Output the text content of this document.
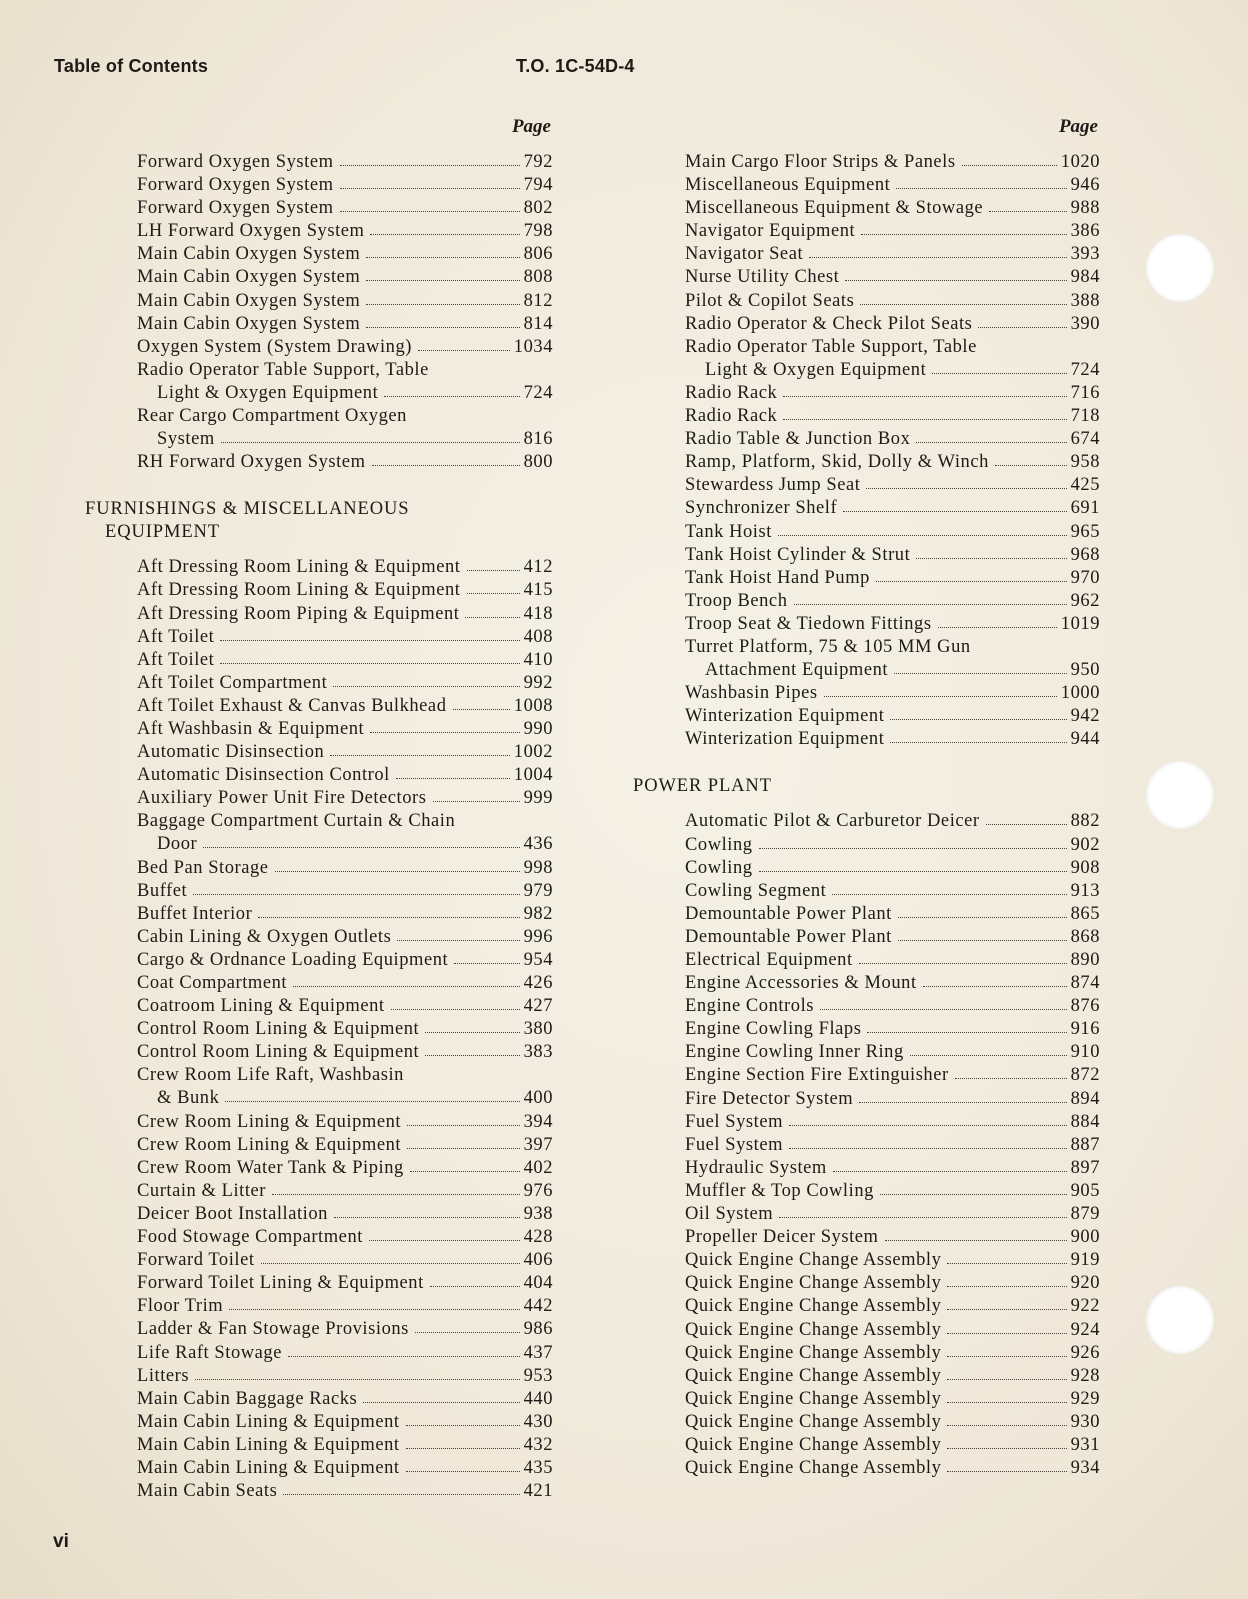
Table of Contents	T.O. 1C-54D-4
Page
Forward Oxygen System	792
Forward Oxygen System	794
Forward Oxygen System	802
LH Forward Oxygen System	798
Main Cabin Oxygen System	806
Main Cabin Oxygen System	808
Main Cabin Oxygen System	812
Main Cabin Oxygen System	814
Oxygen System (System Drawing)	1034
Radio Operator Table Support, Table
Light & Oxygen Equipment	724
Rear Cargo Compartment Oxygen
System	816
RH Forward Oxygen System	800
FURNISHINGS & MISCELLANEOUS
EQUIPMENT
Aft Dressing Room Lining & Equipment	412
Aft Dressing Room Lining & Equipment	415
Aft Dressing Room Piping & Equipment	418
Aft Toilet	408
Aft Toilet	410
Aft Toilet Compartment	992
Aft Toilet Exhaust & Canvas Bulkhead	1008
Aft Washbasin & Equipment	990
Automatic Disinsection	1002
Automatic Disinsection Control	1004
Auxiliary Power Unit Fire Detectors	999
Baggage Compartment Curtain & Chain
Door	436
Bed Pan Storage	998
Buffet	979
Buffet Interior	982
Cabin Lining & Oxygen Outlets	996
Cargo & Ordnance Loading Equipment	954
Coat Compartment	426
Coatroom Lining & Equipment	427
Control Room Lining & Equipment	380
Control Room Lining & Equipment	383
Crew Room Life Raft, Washbasin
& Bunk	400
Crew Room Lining & Equipment	394
Crew Room Lining & Equipment	397
Crew Room Water Tank & Piping	402
Curtain & Litter	976
Deicer Boot Installation	938
Food Stowage Compartment	428
Forward Toilet	406
Forward Toilet Lining & Equipment	404
Floor Trim	442
Ladder & Fan Stowage Provisions	986
Life Raft Stowage	437
Litters	953
Main Cabin Baggage Racks	440
Main Cabin Lining & Equipment	430
Main Cabin Lining & Equipment	432
Main Cabin Lining & Equipment	435
Main Cabin Seats	421
Page
Main Cargo Floor Strips & Panels	1020
Miscellaneous Equipment	946
Miscellaneous Equipment & Stowage	988
Navigator Equipment	386
Navigator Seat	393
Nurse Utility Chest	984
Pilot & Copilot Seats	388
Radio Operator & Check Pilot Seats	390
Radio Operator Table Support, Table
Light & Oxygen Equipment	724
Radio Rack	716
Radio Rack	718
Radio Table & Junction Box	674
Ramp, Platform, Skid, Dolly & Winch	958
Stewardess Jump Seat	425
Synchronizer Shelf	691
Tank Hoist	965
Tank Hoist Cylinder & Strut	968
Tank Hoist Hand Pump	970
Troop Bench	962
Troop Seat & Tiedown Fittings	1019
Turret Platform, 75 & 105 MM Gun
Attachment Equipment	950
Washbasin Pipes	1000
Winterization Equipment	942
Winterization Equipment	944
POWER PLANT
Automatic Pilot & Carburetor Deicer	882
Cowling	902
Cowling	908
Cowling Segment	913
Demountable Power Plant	865
Demountable Power Plant	868
Electrical Equipment	890
Engine Accessories & Mount	874
Engine Controls	876
Engine Cowling Flaps	916
Engine Cowling Inner Ring	910
Engine Section Fire Extinguisher	872
Fire Detector System	894
Fuel System	884
Fuel System	887
Hydraulic System	897
Muffler & Top Cowling	905
Oil System	879
Propeller Deicer System	900
Quick Engine Change Assembly	919
Quick Engine Change Assembly	920
Quick Engine Change Assembly	922
Quick Engine Change Assembly	924
Quick Engine Change Assembly	926
Quick Engine Change Assembly	928
Quick Engine Change Assembly	929
Quick Engine Change Assembly	930
Quick Engine Change Assembly	931
Quick Engine Change Assembly	934
vi
